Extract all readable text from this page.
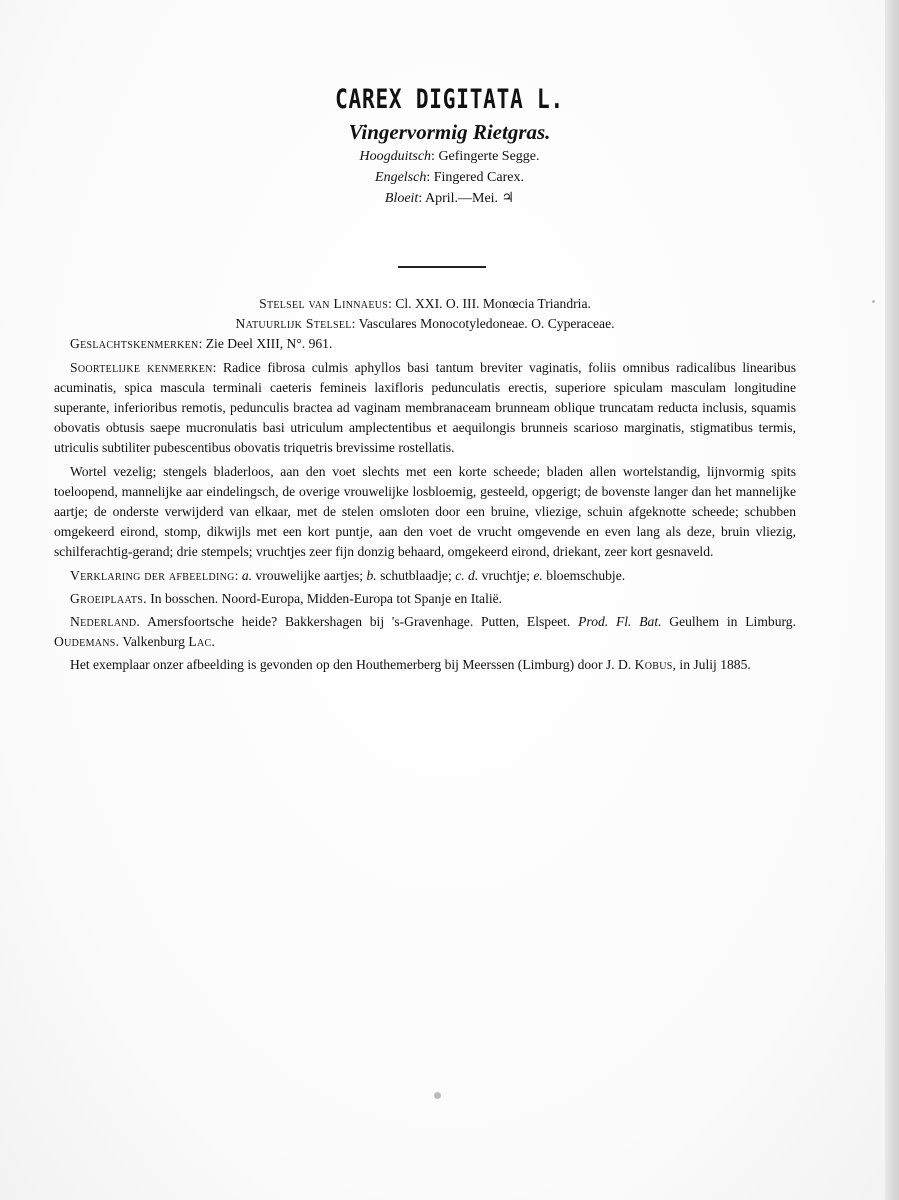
CAREX DIGITATA L.
Vingervormig Rietgras.
Hoogduitsch: Gefingerte Segge.
Engelsch: Fingered Carex.
Bloeit: April.—Mei. ♃
Stelsel van Linnaeus: Cl. XXI. O. III. Monœcia Triandria.
Natuurlijk Stelsel: Vasculares Monocotyledoneae. O. Cyperaceae.

Geslachtskenmerken: Zie Deel XIII, N°. 961.

Soortelijke kenmerken: Radice fibrosa culmis aphyllos basi tantum breviter vaginatis, foliis omnibus radicalibus linearibus acuminatis, spica mascula terminali caeteris femineis laxifloris pedunculatis erectis, superiore spiculam masculam longitudine superante, inferioribus remotis, pedunculis bractea ad vaginam membranaceam brunneam oblique truncatam reducta inclusis, squamis obovatis obtusis saepe mucronulatis basi utriculum amplectentibus et aequilongis brunneis scarioso marginatis, stigmatibus termis, utriculis subtiliter pubescentibus obovatis triquetris brevissime rostellatis.

Wortel vezelig; stengels bladerloos, aan den voet slechts met een korte scheede; bladen allen wortelstandig, lijnvormig spits toeloopend, mannelijke aar eindelingsch, de overige vrouwelijke losbloemig, gesteeld, opgerigt; de bovenste langer dan het mannelijke aartje; de onderste verwijderd van elkaar, met de stelen omsloten door een bruine, vliezige, schuin afgeknotte scheede; schubben omgekeerd eirond, stomp, dikwijls met een kort puntje, aan den voet de vrucht omgevende en even lang als deze, bruin vliezig, schilferachtig-gerand; drie stempels; vruchtjes zeer fijn donzig behaard, omgekeerd eirond, driekant, zeer kort gesnaveld.

Verklaring der afbeelding: a. vrouwelijke aartjes; b. schutblaadje; c. d. vruchtje; e. bloemschubje.

Groeiplaats. In bosschen. Noord-Europa, Midden-Europa tot Spanje en Italië.

Nederland. Amersfoortsche heide? Bakkershagen bij 's-Gravenhage. Putten, Elspeet. Prod. Fl. Bat. Geulhem in Limburg. Oudemans. Valkenburg Lac.

Het exemplaar onzer afbeelding is gevonden op den Houthemerberg bij Meerssen (Limburg) door J. D. Kobus, in Julij 1885.
